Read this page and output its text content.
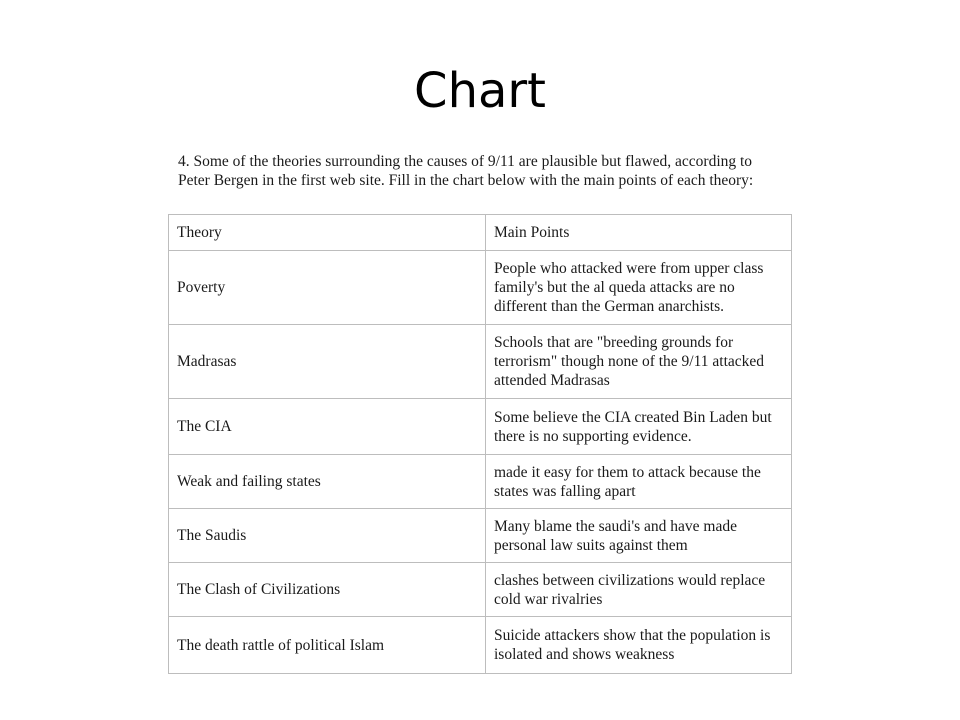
Chart

4. Some of the theories surrounding the causes of 9/11 are plausible but flawed, according to Peter Bergen in the first web site. Fill in the chart below with the main points of each theory:

Theory	Main Points
Poverty	People who attacked were from upper class family's but the al queda attacks are no different than the German anarchists.
Madrasas	Schools that are "breeding grounds for terrorism" though none of the 9/11 attacked attended Madrasas
The CIA	Some believe the CIA created Bin Laden but there is no supporting evidence.
Weak and failing states	made it easy for them to attack because the states was falling apart
The Saudis	Many blame the saudi's and have made personal law suits against them
The Clash of Civilizations	clashes between civilizations would replace cold war rivalries
The death rattle of political Islam	Suicide attackers show that the population is isolated and shows weakness
